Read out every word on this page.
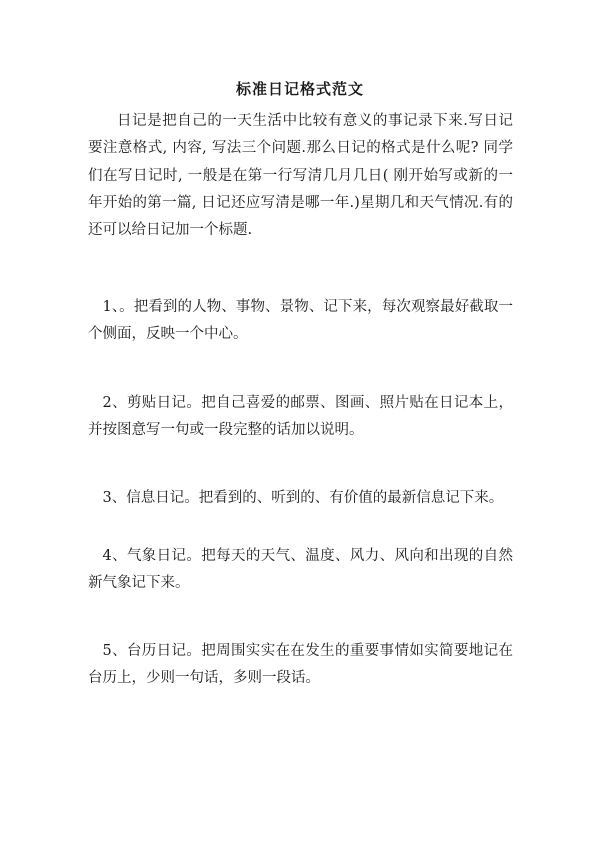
标准日记格式范文

日记是把自己的一天生活中比较有意义的事记录下来.写日记要注意格式, 内容, 写法三个问题.那么日记的格式是什么呢? 同学们在写日记时, 一般是在第一行写清几月几日( 刚开始写或新的一年开始的第一篇, 日记还应写清是哪一年.)星期几和天气情况.有的还可以给日记加一个标题.

1、。把看到的人物、事物、景物、记下来，每次观察最好截取一个侧面，反映一个中心。

2、剪贴日记。把自己喜爱的邮票、图画、照片贴在日记本上，并按图意写一句或一段完整的话加以说明。

3、信息日记。把看到的、听到的、有价值的最新信息记下来。

4、气象日记。把每天的天气、温度、风力、风向和出现的自然新气象记下来。

5、台历日记。把周围实实在在发生的重要事情如实简要地记在台历上，少则一句话，多则一段话。
